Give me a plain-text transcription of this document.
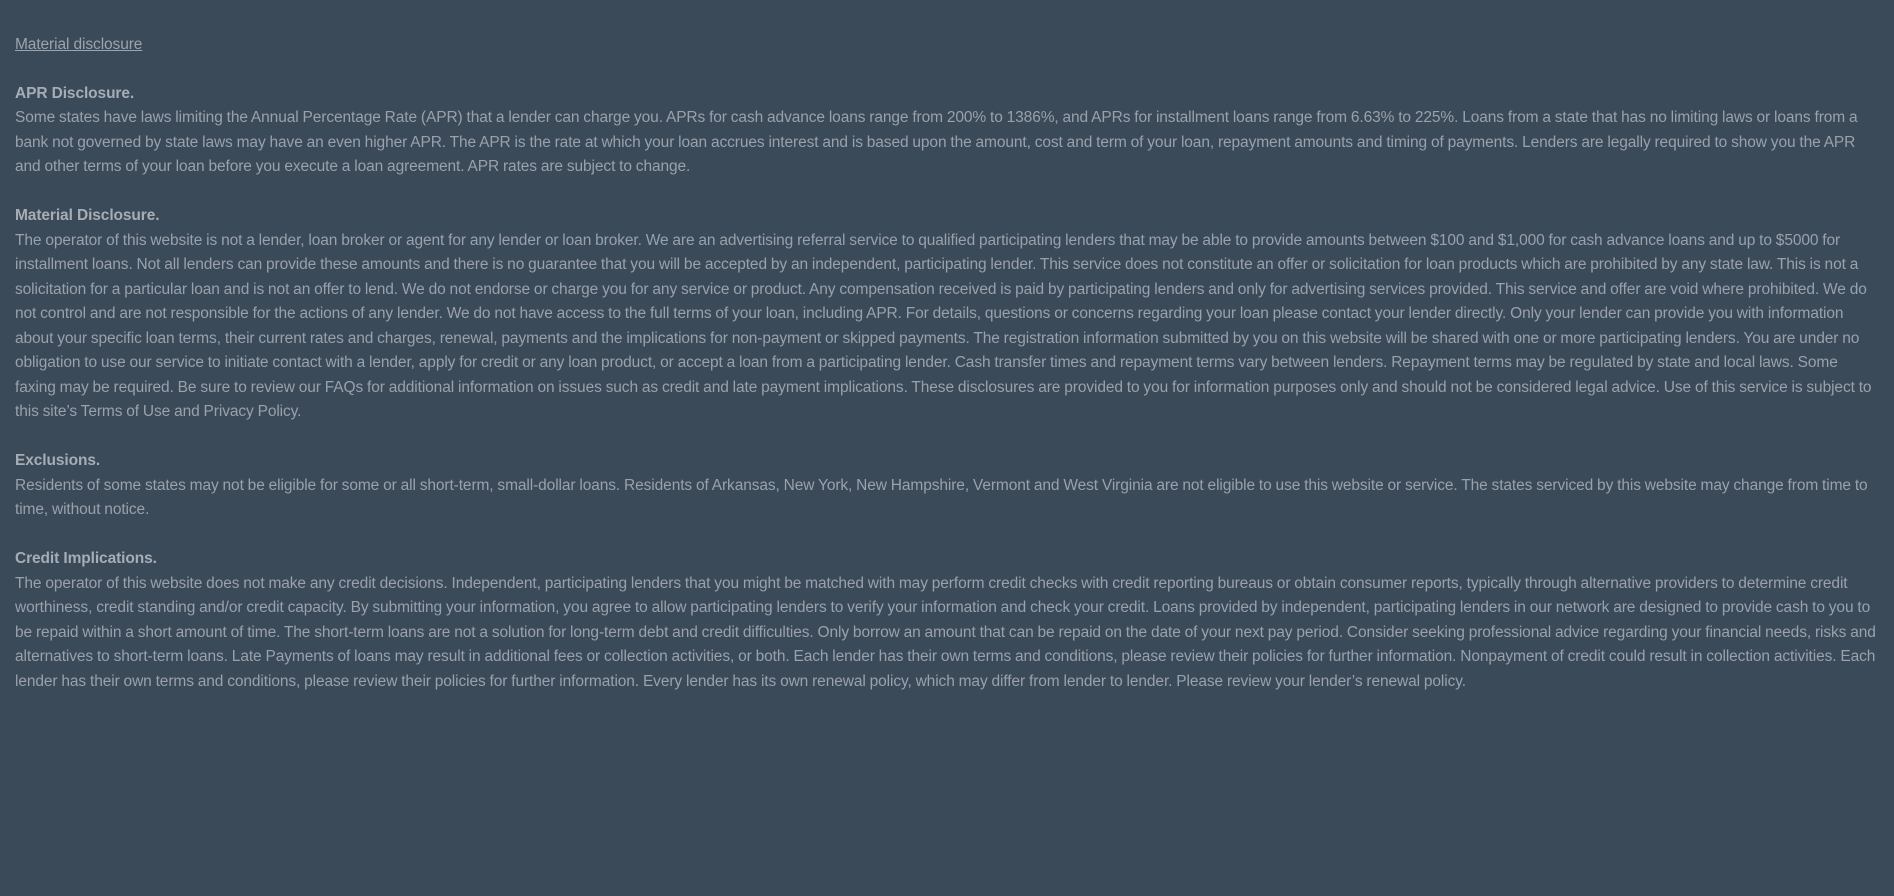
Material disclosure
APR Disclosure.

Some states have laws limiting the Annual Percentage Rate (APR) that a lender can charge you. APRs for cash advance loans range from 200% to 1386%, and APRs for installment loans range from 6.63% to 225%. Loans from a state that has no limiting laws or loans from a bank not governed by state laws may have an even higher APR. The APR is the rate at which your loan accrues interest and is based upon the amount, cost and term of your loan, repayment amounts and timing of payments. Lenders are legally required to show you the APR and other terms of your loan before you execute a loan agreement. APR rates are subject to change.

Material Disclosure.

The operator of this website is not a lender, loan broker or agent for any lender or loan broker. We are an advertising referral service to qualified participating lenders that may be able to provide amounts between $100 and $1,000 for cash advance loans and up to $5000 for installment loans. Not all lenders can provide these amounts and there is no guarantee that you will be accepted by an independent, participating lender. This service does not constitute an offer or solicitation for loan products which are prohibited by any state law. This is not a solicitation for a particular loan and is not an offer to lend. We do not endorse or charge you for any service or product. Any compensation received is paid by participating lenders and only for advertising services provided. This service and offer are void where prohibited. We do not control and are not responsible for the actions of any lender. We do not have access to the full terms of your loan, including APR. For details, questions or concerns regarding your loan please contact your lender directly. Only your lender can provide you with information about your specific loan terms, their current rates and charges, renewal, payments and the implications for non-payment or skipped payments. The registration information submitted by you on this website will be shared with one or more participating lenders. You are under no obligation to use our service to initiate contact with a lender, apply for credit or any loan product, or accept a loan from a participating lender. Cash transfer times and repayment terms vary between lenders. Repayment terms may be regulated by state and local laws. Some faxing may be required. Be sure to review our FAQs for additional information on issues such as credit and late payment implications. These disclosures are provided to you for information purposes only and should not be considered legal advice. Use of this service is subject to this site’s Terms of Use and Privacy Policy.

Exclusions.

Residents of some states may not be eligible for some or all short-term, small-dollar loans. Residents of Arkansas, New York, New Hampshire, Vermont and West Virginia are not eligible to use this website or service. The states serviced by this website may change from time to time, without notice.

Credit Implications.

The operator of this website does not make any credit decisions. Independent, participating lenders that you might be matched with may perform credit checks with credit reporting bureaus or obtain consumer reports, typically through alternative providers to determine credit worthiness, credit standing and/or credit capacity. By submitting your information, you agree to allow participating lenders to verify your information and check your credit. Loans provided by independent, participating lenders in our network are designed to provide cash to you to be repaid within a short amount of time. The short-term loans are not a solution for long-term debt and credit difficulties. Only borrow an amount that can be repaid on the date of your next pay period. Consider seeking professional advice regarding your financial needs, risks and alternatives to short-term loans. Late Payments of loans may result in additional fees or collection activities, or both. Each lender has their own terms and conditions, please review their policies for further information. Nonpayment of credit could result in collection activities. Each lender has their own terms and conditions, please review their policies for further information. Every lender has its own renewal policy, which may differ from lender to lender. Please review your lender’s renewal policy.
